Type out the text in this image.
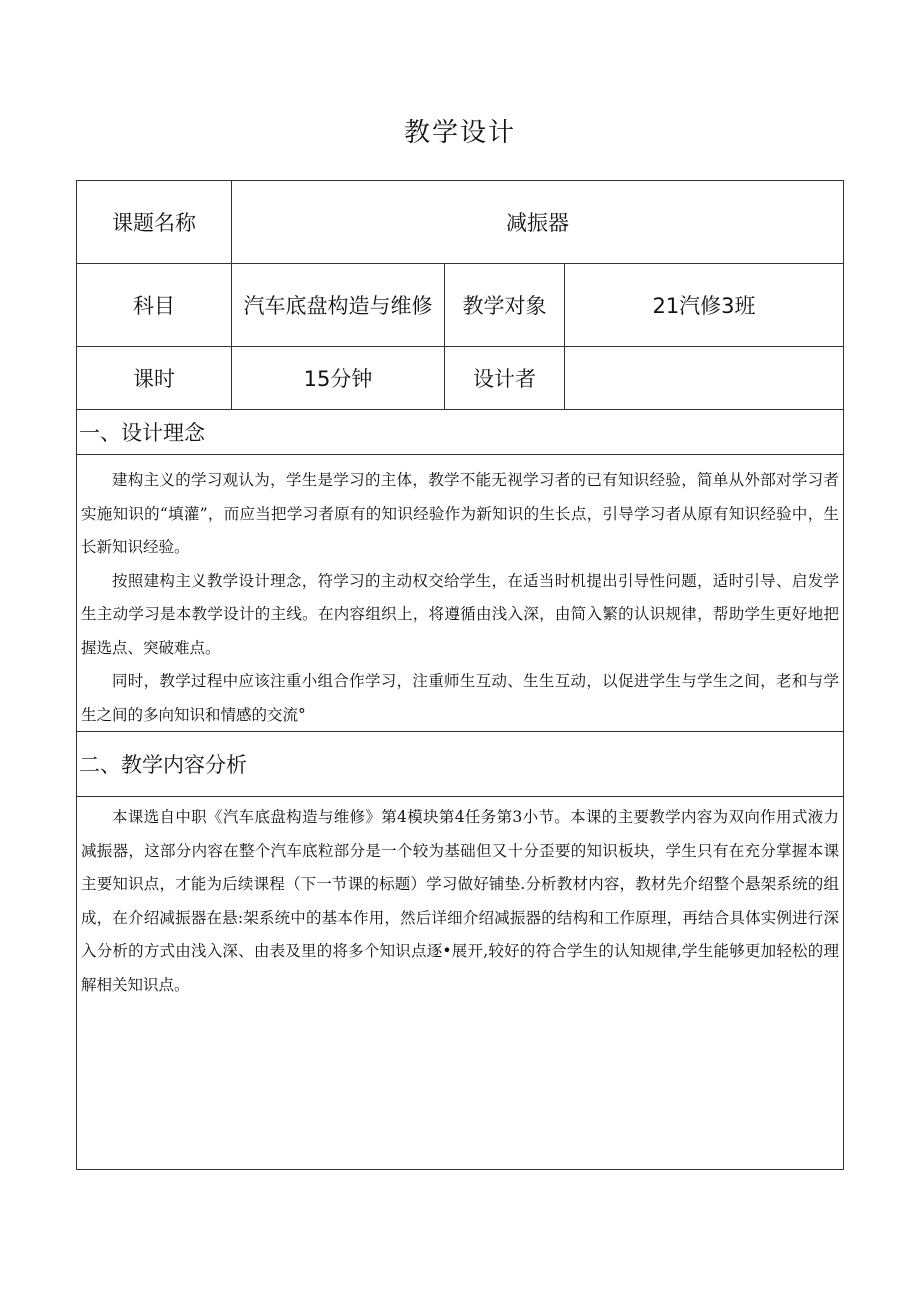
教学设计
课题名称	减振器
科目	汽车底盘构造与维修	教学对象	21汽修3班
课时	15分钟	设计者
一、设计理念

建构主义的学习观认为，学生是学习的主体，教学不能无视学习者的已有知识经验，简单从外部对学习者实施知识的“填灌”，而应当把学习者原有的知识经验作为新知识的生长点，引导学习者从原有知识经验中，生长新知识经验。

按照建构主义教学设计理念，符学习的主动权交给学生，在适当时机提出引导性问题，适时引导、启发学生主动学习是本教学设计的主线。在内容组织上，将遵循由浅入深，由简入繁的认识规律，帮助学生更好地把握选点、突破难点。

同时，教学过程中应该注重小组合作学习，注重师生互动、生生互动，以促进学生与学生之间，老和与学生之间的多向知识和情感的交流°

二、教学内容分析

本课选自中职《汽车底盘构造与维修》第4模块第4任务第3小节。本课的主要教学内容为双向作用式液力减振器，这部分内容在整个汽车底粒部分是一个较为基础但又十分歪要的知识板块，学生只有在充分掌握本课主要知识点，才能为后续课程（下一节课的标题）学习做好铺垫.分析教材内容，教材先介绍整个悬架系统的组成，在介绍减振器在悬:架系统中的基本作用，然后详细介绍减振器的结构和工作原理，再结合具体实例进行深入分析的方式由浅入深、由表及里的将多个知识点逐•展开,较好的符合学生的认知规律,学生能够更加轻松的理解相关知识点。
